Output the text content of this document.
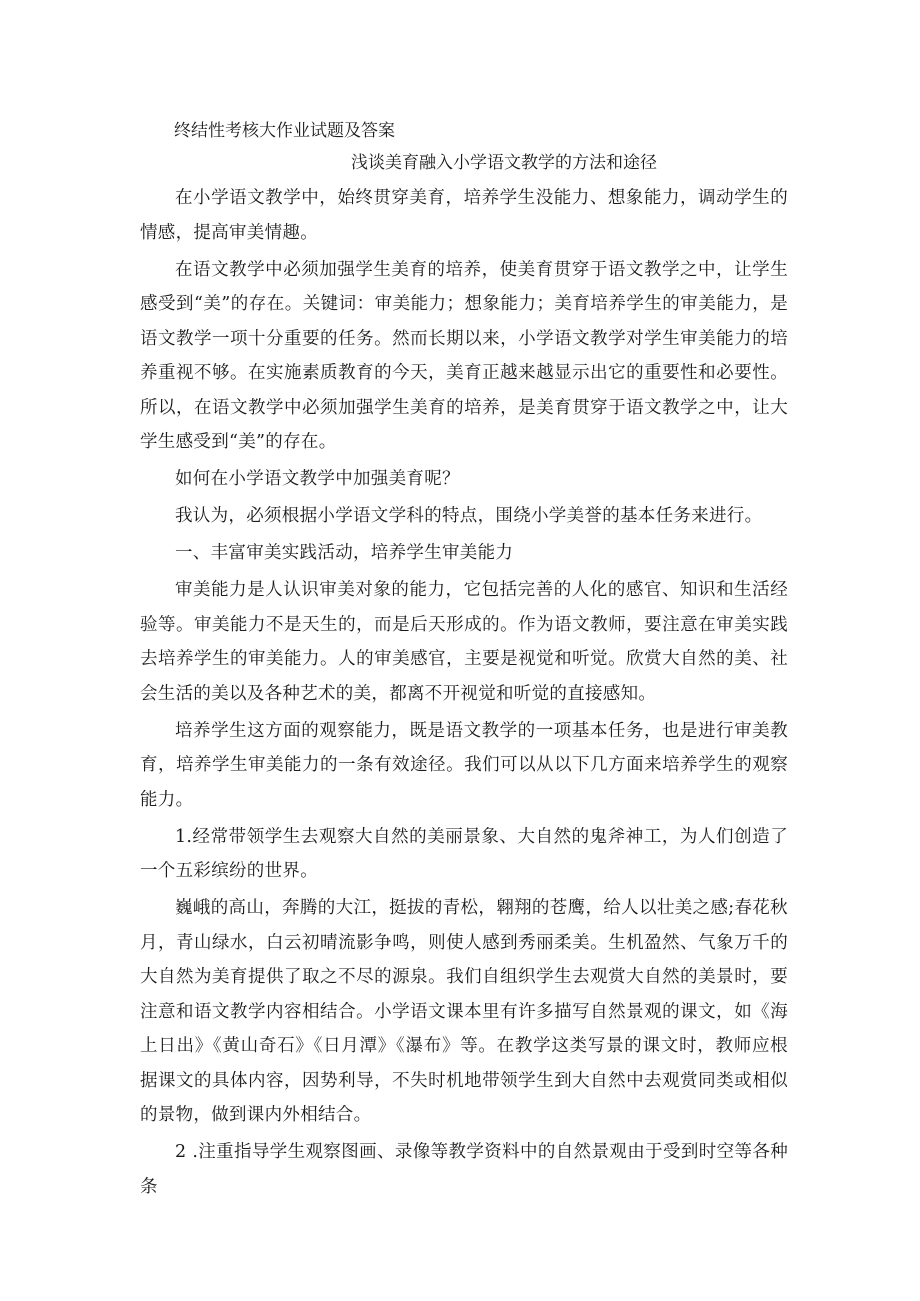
终结性考核大作业试题及答案
浅谈美育融入小学语文教学的方法和途径

在小学语文教学中，始终贯穿美育，培养学生没能力、想象能力，调动学生的情感，提高审美情趣。

在语文教学中必须加强学生美育的培养，使美育贯穿于语文教学之中，让学生感受到“美”的存在。关键词：审美能力；想象能力；美育培养学生的审美能力，是语文教学一项十分重要的任务。然而长期以来，小学语文教学对学生审美能力的培养重视不够。在实施素质教育的今天，美育正越来越显示出它的重要性和必要性。所以，在语文教学中必须加强学生美育的培养，是美育贯穿于语文教学之中，让大学生感受到“美”的存在。

如何在小学语文教学中加强美育呢？

我认为，必须根据小学语文学科的特点，围绕小学美誉的基本任务来进行。

一、丰富审美实践活动，培养学生审美能力

审美能力是人认识审美对象的能力，它包括完善的人化的感官、知识和生活经验等。审美能力不是天生的，而是后天形成的。作为语文教师，要注意在审美实践去培养学生的审美能力。人的审美感官，主要是视觉和听觉。欣赏大自然的美、社会生活的美以及各种艺术的美，都离不开视觉和听觉的直接感知。

培养学生这方面的观察能力，既是语文教学的一项基本任务，也是进行审美教育，培养学生审美能力的一条有效途径。我们可以从以下几方面来培养学生的观察能力。

1.经常带领学生去观察大自然的美丽景象、大自然的鬼斧神工，为人们创造了一个五彩缤纷的世界。

巍峨的高山，奔腾的大江，挺拔的青松，翱翔的苍鹰，给人以壮美之感;春花秋月，青山绿水，白云初晴流影争鸣，则使人感到秀丽柔美。生机盈然、气象万千的大自然为美育提供了取之不尽的源泉。我们自组织学生去观赏大自然的美景时，要注意和语文教学内容相结合。小学语文课本里有许多描写自然景观的课文，如《海上日出》《黄山奇石》《日月潭》《瀑布》等。在教学这类写景的课文时，教师应根据课文的具体内容，因势利导，不失时机地带领学生到大自然中去观赏同类或相似的景物，做到课内外相结合。

2 .注重指导学生观察图画、录像等教学资料中的自然景观由于受到时空等各种条
